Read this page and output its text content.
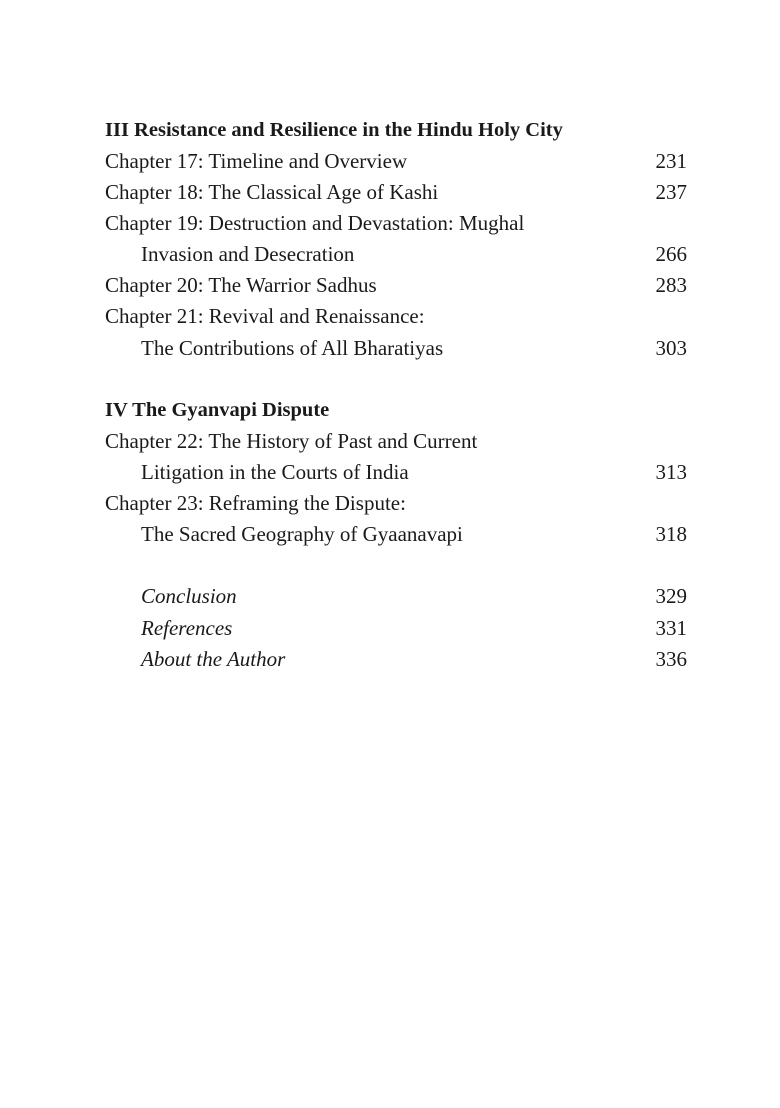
III Resistance and Resilience in the Hindu Holy City
Chapter 17: Timeline and Overview	231
Chapter 18: The Classical Age of Kashi	237
Chapter 19: Destruction and Devastation: Mughal
Invasion and Desecration	266
Chapter 20: The Warrior Sadhus	283
Chapter 21: Revival and Renaissance:
The Contributions of All Bharatiyas	303
IV The Gyanvapi Dispute
Chapter 22: The History of Past and Current
Litigation in the Courts of India	313
Chapter 23: Reframing the Dispute:
The Sacred Geography of Gyaanavapi	318
Conclusion	329
References	331
About the Author	336
